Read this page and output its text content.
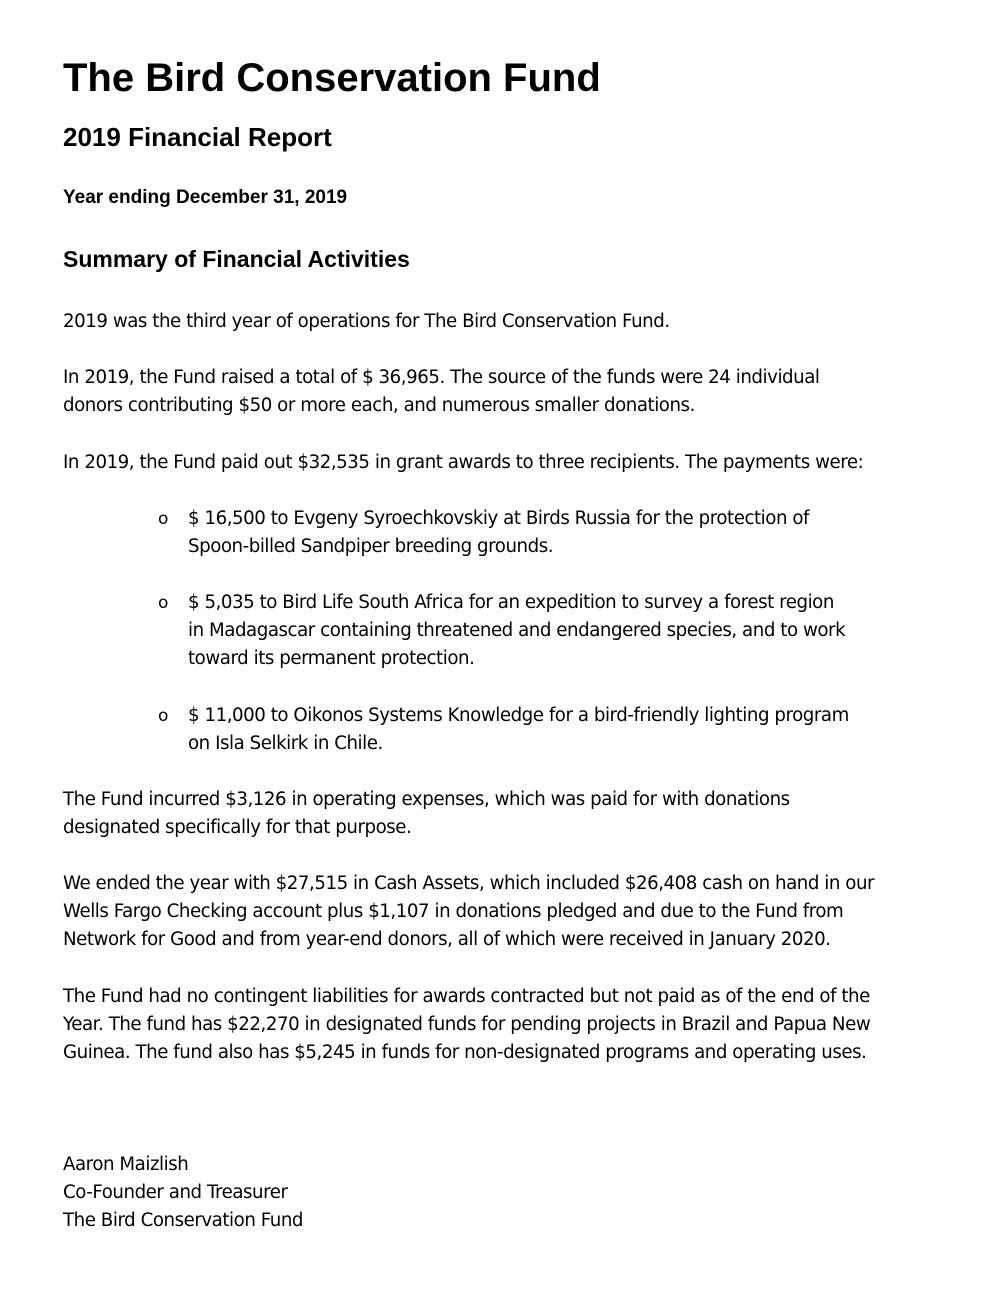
The Bird Conservation Fund
2019 Financial Report
Year ending December 31, 2019
Summary of Financial Activities

2019 was the third year of operations for The Bird Conservation Fund.

In 2019, the Fund raised a total of $ 36,965. The source of the funds were 24 individual
donors contributing $50 or more each, and numerous smaller donations.

In 2019, the Fund paid out $32,535 in grant awards to three recipients. The payments were:

o $ 16,500 to Evgeny Syroechkovskiy at Birds Russia for the protection of
Spoon-billed Sandpiper breeding grounds.
o $ 5,035 to Bird Life South Africa for an expedition to survey a forest region
in Madagascar containing threatened and endangered species, and to work
toward its permanent protection.
o $ 11,000 to Oikonos Systems Knowledge for a bird-friendly lighting program
on Isla Selkirk in Chile.

The Fund incurred $3,126 in operating expenses, which was paid for with donations
designated specifically for that purpose.

We ended the year with $27,515 in Cash Assets, which included $26,408 cash on hand in our
Wells Fargo Checking account plus $1,107 in donations pledged and due to the Fund from
Network for Good and from year-end donors, all of which were received in January 2020.

The Fund had no contingent liabilities for awards contracted but not paid as of the end of the
Year. The fund has $22,270 in designated funds for pending projects in Brazil and Papua New
Guinea. The fund also has $5,245 in funds for non-designated programs and operating uses.

Aaron Maizlish
Co-Founder and Treasurer
The Bird Conservation Fund
